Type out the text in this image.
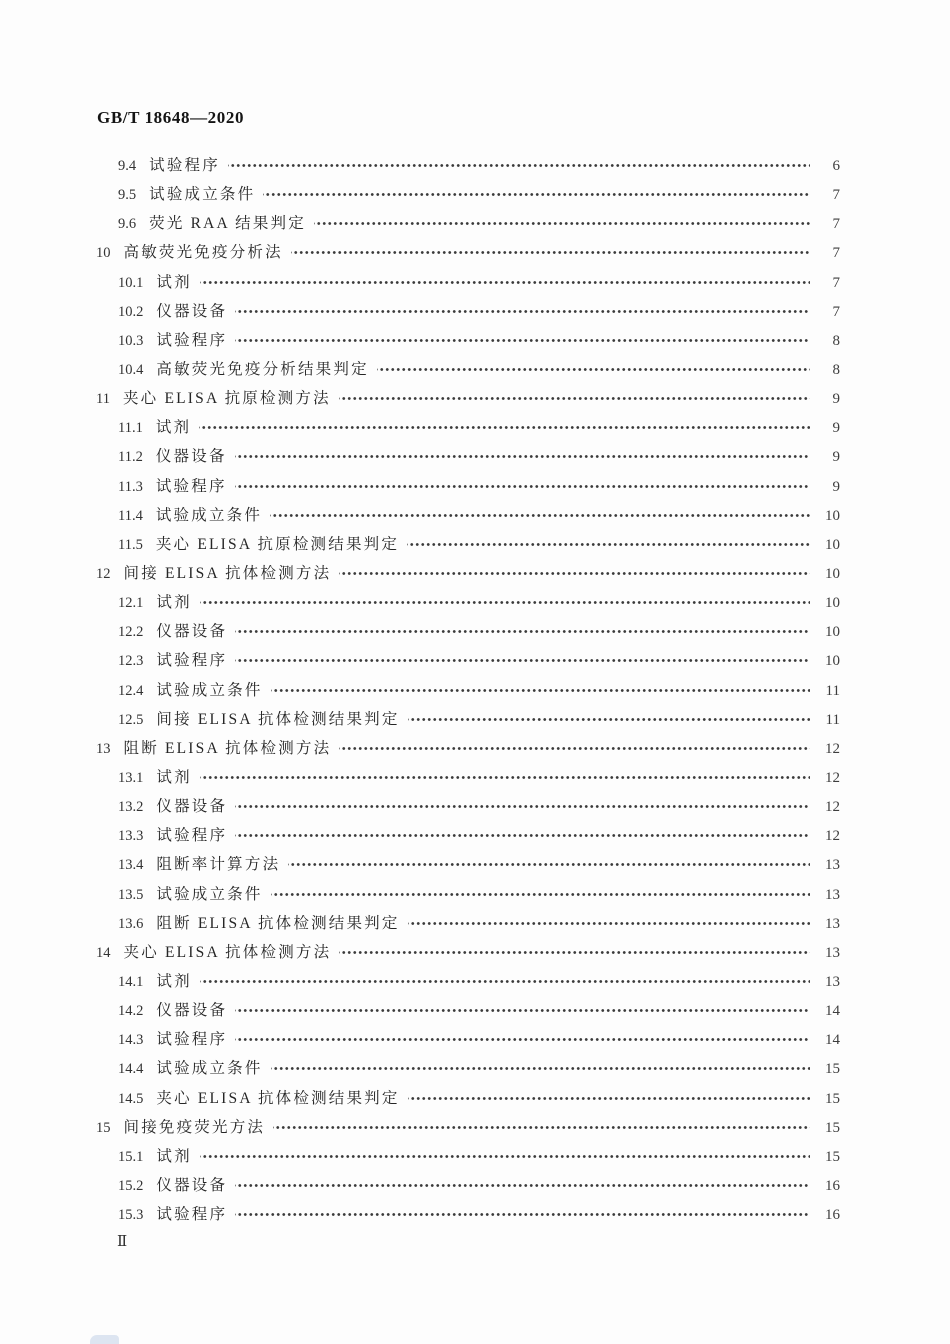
GB/T 18648—2020
9.4 试验程序	6
9.5 试验成立条件	7
9.6 荧光 RAA 结果判定	7
10 高敏荧光免疫分析法	7
10.1 试剂	7
10.2 仪器设备	7
10.3 试验程序	8
10.4 高敏荧光免疫分析结果判定	8
11 夹心 ELISA 抗原检测方法	9
11.1 试剂	9
11.2 仪器设备	9
11.3 试验程序	9
11.4 试验成立条件	10
11.5 夹心 ELISA 抗原检测结果判定	10
12 间接 ELISA 抗体检测方法	10
12.1 试剂	10
12.2 仪器设备	10
12.3 试验程序	10
12.4 试验成立条件	11
12.5 间接 ELISA 抗体检测结果判定	11
13 阻断 ELISA 抗体检测方法	12
13.1 试剂	12
13.2 仪器设备	12
13.3 试验程序	12
13.4 阻断率计算方法	13
13.5 试验成立条件	13
13.6 阻断 ELISA 抗体检测结果判定	13
14 夹心 ELISA 抗体检测方法	13
14.1 试剂	13
14.2 仪器设备	14
14.3 试验程序	14
14.4 试验成立条件	15
14.5 夹心 ELISA 抗体检测结果判定	15
15 间接免疫荧光方法	15
15.1 试剂	15
15.2 仪器设备	16
15.3 试验程序	16
Ⅱ
